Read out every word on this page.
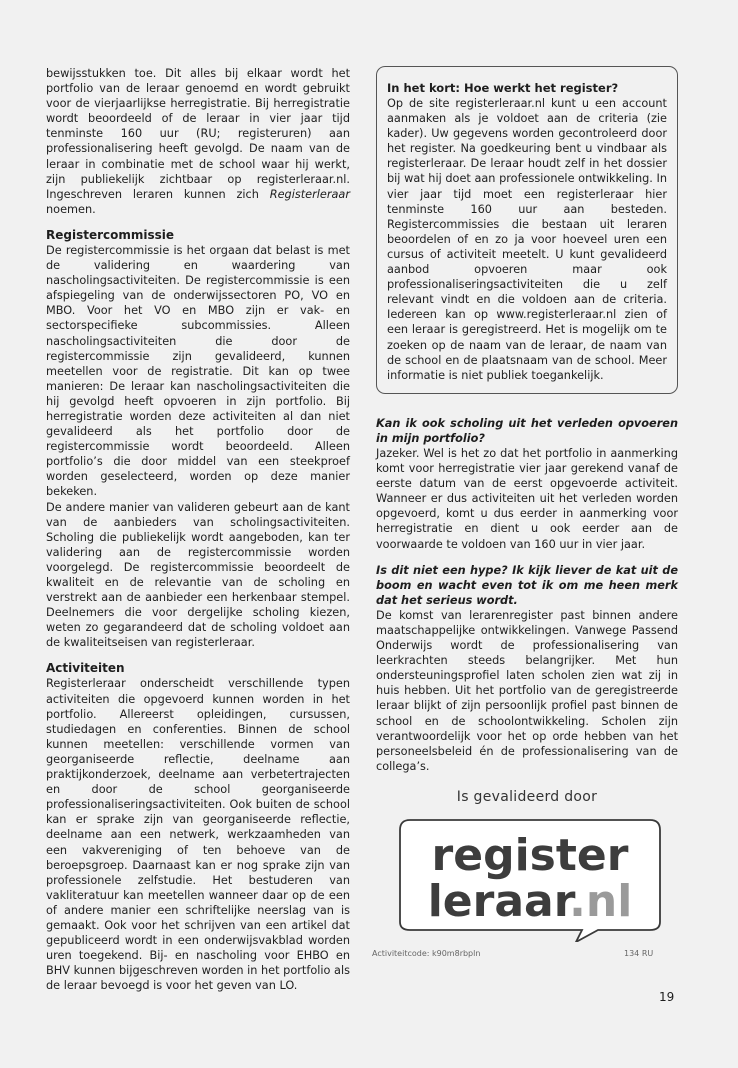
bewijsstukken toe. Dit alles bij elkaar wordt het portfolio van de leraar genoemd en wordt gebruikt voor de vierjaarlijkse herregistratie. Bij herregistratie wordt beoordeeld of de leraar in vier jaar tijd tenminste 160 uur (RU; registeruren) aan professionalisering heeft gevolgd. De naam van de leraar in combinatie met de school waar hij werkt, zijn publiekelijk zichtbaar op registerleraar.nl. Ingeschreven leraren kunnen zich Registerleraar noemen.

Registercommissie

De registercommissie is het orgaan dat belast is met de validering en waardering van nascholingsactiviteiten. De registercommissie is een afspiegeling van de onderwijssectoren PO, VO en MBO. Voor het VO en MBO zijn er vak- en sectorspecifieke subcommissies. Alleen nascholingsactiviteiten die door de registercommissie zijn gevalideerd, kunnen meetellen voor de registratie. Dit kan op twee manieren: De leraar kan nascholingsactiviteiten die hij gevolgd heeft opvoeren in zijn portfolio. Bij herregistratie worden deze activiteiten al dan niet gevalideerd als het portfolio door de registercommissie wordt beoordeeld. Alleen portfolio’s die door middel van een steekproef worden geselecteerd, worden op deze manier bekeken.

De andere manier van valideren gebeurt aan de kant van de aanbieders van scholingsactiviteiten. Scholing die publiekelijk wordt aangeboden, kan ter validering aan de registercommissie worden voorgelegd. De registercommissie beoordeelt de kwaliteit en de relevantie van de scholing en verstrekt aan de aanbieder een herkenbaar stempel. Deelnemers die voor dergelijke scholing kiezen, weten zo gegarandeerd dat de scholing voldoet aan de kwaliteitseisen van registerleraar.

Activiteiten

Registerleraar onderscheidt verschillende typen activiteiten die opgevoerd kunnen worden in het portfolio. Allereerst opleidingen, cursussen, studiedagen en conferenties. Binnen de school kunnen meetellen: verschillende vormen van georganiseerde reflectie, deelname aan praktijkonderzoek, deelname aan verbetertrajecten en door de school georganiseerde professionaliseringsactiviteiten. Ook buiten de school kan er sprake zijn van georganiseerde reflectie, deelname aan een netwerk, werkzaamheden van een vakvereniging of ten behoeve van de beroepsgroep. Daarnaast kan er nog sprake zijn van professionele zelfstudie. Het bestuderen van vakliteratuur kan meetellen wanneer daar op de een of andere manier een schriftelijke neerslag van is gemaakt. Ook voor het schrijven van een artikel dat gepubliceerd wordt in een onderwijsvakblad worden uren toegekend. Bij- en nascholing voor EHBO en BHV kunnen bijgeschreven worden in het portfolio als de leraar bevoegd is voor het geven van LO.

In het kort: Hoe werkt het register?

Op de site registerleraar.nl kunt u een account aanmaken als je voldoet aan de criteria (zie kader). Uw gegevens worden gecontroleerd door het register. Na goedkeuring bent u vindbaar als registerleraar. De leraar houdt zelf in het dossier bij wat hij doet aan professionele ontwikkeling. In vier jaar tijd moet een registerleraar hier tenminste 160 uur aan besteden. Registercommissies die bestaan uit leraren beoordelen of en zo ja voor hoeveel uren een cursus of activiteit meetelt. U kunt gevalideerd aanbod opvoeren maar ook professionaliseringsactiviteiten die u zelf relevant vindt en die voldoen aan de criteria. Iedereen kan op www.registerleraar.nl zien of een leraar is geregistreerd. Het is mogelijk om te zoeken op de naam van de leraar, de naam van de school en de plaatsnaam van de school. Meer informatie is niet publiek toegankelijk.

Kan ik ook scholing uit het verleden opvoeren in mijn portfolio?

Jazeker. Wel is het zo dat het portfolio in aanmerking komt voor herregistratie vier jaar gerekend vanaf de eerste datum van de eerst opgevoerde activiteit. Wanneer er dus activiteiten uit het verleden worden opgevoerd, komt u dus eerder in aanmerking voor herregistratie en dient u ook eerder aan de voorwaarde te voldoen van 160 uur in vier jaar.

Is dit niet een hype? Ik kijk liever de kat uit de boom en wacht even tot ik om me heen merk dat het serieus wordt.

De komst van lerarenregister past binnen andere maatschappelijke ontwikkelingen. Vanwege Passend Onderwijs wordt de professionalisering van leerkrachten steeds belangrijker. Met hun ondersteuningsprofiel laten scholen zien wat zij in huis hebben. Uit het portfolio van de geregistreerde leraar blijkt of zijn persoonlijk profiel past binnen de school en de schoolontwikkeling. Scholen zijn verantwoordelijk voor het op orde hebben van het personeelsbeleid én de professionalisering van de collega’s.

Is gevalideerd door
register
leraar.nl
Activiteitcode: k90m8rbpln	134 RU
19
